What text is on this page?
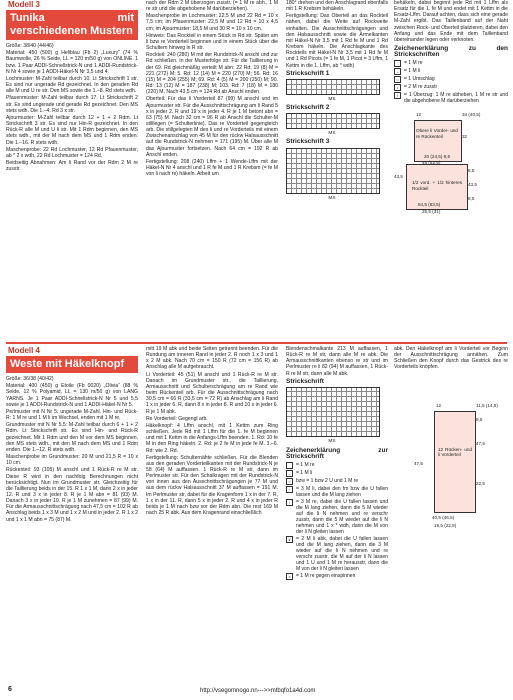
Modell 3
Tunika mit verschiedenen Mustern

Größe: 38/40 (44/46)

Material: 450 (500) g Heliblau (Fb 2) „Luxury“ (74 % Baumwolle, 26 % Seide, LL = 120 m/50 g) von ONLINE. 1 bzw. 1 Paar ADDI-Schnellstrick-N und 1 ADDI-Rundstrick-N Nr 4 sowie je 1 ADDI-Häkel-N Nr 3,5 und 4.

Lochmuster: M-Zahl teilbar durch 10. Lt Strickschrift 1 str. Es sind nur ungerade Rd gezeichnet. In den geraden Rd alle M und U re str. Den MS sowie die 1.–8. Rd stets wdh.

Pfauenmuster: M-Zahl teilbar durch 17. Lt Strickschrift 2 str. Es sind ungerade und gerade Rd gezeichnet. Den MS stets wdh. Die 1.–4. Rd 3 x str.

Ajourmuster: M-Zahl teilbar durch 12 + 1 + 2 Rdm. Lt Strickschrift 3 str. Es sind nur Hin-R gezeichnet. In den Rück-R alle M und U li str. Mit 1 Rdm beginnen, den MS stets wdh., mit der M nach dem MS und 1 Rdm enden. Die 1.–16. R stets wdh.

Maschenprobe: 22 Rd Lochmuster, 12 Rd Pfauenmuster, ab * 2 x wdh, 22 Rd Lochmuster = 124 Rd.

Beidseitig Abnahmen: Am li Rand vor der Rdm 2 M re zusstr.

nach der Rdm 2 M überzogen zusstr. (= 1 M re abh., 1 M re str und die abgehobene M darüberziehen).

Maschenprobe im Lochmuster: 22,5 M und 22 Rd = 10 x 7,5 cm; im Pfauenmuster: 22,5 M und 12 Rd = 10 x 4,5 cm; im Ajourmuster: 18,5 M und 30 R = 10 x 10 cm.

Hinweis: Das Rockteil in einem Stück in Rd str. Später am li bzw re Vorderteil beginnen und in einem Stück über die Schultern hinweg in R str.

Rockteil: 240 (280) M mit der Rundstrick-N anschl und zur Rd schließen. In der Musterfolge str. Für die Taillierung in der 69. Rd gleichmäßig verteilt M abn: 22 Rd: 19 (8) M = 221 (272) M; 5. Rd: 12 (14) M = 220 (270) M; 56. Rd: 16 (15) M = 204 (255) M; 69. Rd: 4 (5) M = 200 (250) M; 90. Rd: 13 (12) M = 187 (238) M; 103. Rd: 7 (18) M = 180 (220) M. Nach 43,5 cm = 124 Rd ab Anschl enden.

Oberteil: Für das li Vorderteil 87 (99) M anschl und im Ajourmuster str. Für die Ausschnittschrägung am li Rand 5 x in jeder 2. R und 19 x in jeder 4. R je 1 M betont abn = 63 (75) M. Nach 32 cm = 96 R ab Anschl die Schulter-M stilllegen (= Schulterlinie). Das re Vorderteil gegengleich arb. Die stillgelegten M des li und re Vorderteils mit einem Zwischenanschlag von 45 M für den rückw Halsausschnitt auf die Rundstrick-N nehmen = 171 (195) M. Über alle M das Ajourmuster fortsetzen. Nach 64 cm = 192 R ab Anschl enden.

Fertigstellung: 208 (240) Lffm + 1 Wende-Lffm mit der Häkel-N Nr 4 anschl und 1 R fe M und 1 R Krebsm (= fe M von li nach re) häkeln. Arbeit um

180° drehen und den Anschlagrand ebenfalls mit 1 R Krebsm behäkeln.

Fertigstellung: Das Oberteil an das Rockteil nähen, dabei die Weite auf Rockweite einhalten. Die Ausschnittschrägungen und den Halsausschnitt sowie die Ärmelkanten mit Häkel-N Nr 3,5 mit 1 Rd fe M und 1 Rd Krebsm häkeln. Die Anschlagkante des Rockteils mit Häkel-N Nr 3,5 mit 1 Rd fe M und 1 Rd Picots (= 1 fe M, 1 Picot = 3 Lffm, 1 Kettm in die 1. Lffm, ab * wdh)

Strickschrift 1
MS
Strickschrift 2
MS
Strickschrift 3
MS

behäkeln, dabei beginnt jede Rd mit 1 Lffm als Ersatz für die 1. fe M und endet mit 1 Kettm in die Ersatz-Lffm. Darauf achten, dass sich eine gerade M-Zahl ergibt. Das Taillenband auf der Naht zwischen Rock- und Oberteil platzieren, dabei den Anfang und das Ende mit dem Taillenband übereinander legen oder verknoten.

Zeichenerklärung zu den Strickschriften
= 1 M re
–	= 1 M li
○	= 1 Umschlag
/	= 2 M re zusstr
\	= 1 Überzug: 1 M re abheben, 1 M re str und die abgehobene M darüberziehen
12	34 (40,5)
Obere li Vorder- und re Rückenteil	32
20 (24,5) 8,5
46 (52,5)
43,5
8,5
1/2 vord. + 1/2 hinteres Rockteil
43,5
8,5
54,5 (63,5)
25,5 (31)
Modell 4
Weste mit Häkelknopf

Größe: 36/38 (40/42)

Material: 400 (450) g Etoile (Fb 0020) „Olivia“ (88 % Seide, 12 % Polyamid, LL = 130 m/50 g) von LANG YARNS. Je 1 Paar ADDI-Schnellstrick-N Nr 5 und 5,5 sowie je 1 ADDI-Rundstrick-N und 1 ADDI-Häkel-N Nr 5.

Perlmuster mit N Nr 5: ungerade M-Zahl. Hin- und Rück-R: 1 M re und 1 M li im Wechsel, enden mit 1 M re.

Grundmuster mit N Nr 5,5: M-Zahl teilbar durch 6 + 1 + 2 Rdm. Lt Strickschrift str. Es sind Hin- und Rück-R gezeichnet. Mit 1 Rdm und den M vor dem MS beginnen, den MS stets wdh., mit den M nach dem MS und 1 Rdm enden. Die 1.–12. R stets wdh.

Maschenprobe im Grundmuster: 20 M und 21,5 R = 10 x 10 cm.

Rückenteil: 93 (105) M anschl und 1 Rück-R re M str. Diese R wird in den nachfolg Berechnungen nicht berücksichtigt. Nun im Grundmuster str. Gleichzeitig für die Taillierung beids in der 15. R 1 x 1 M, dann 2 x in jeder 12. R und 3 x in jeder 8. R je 1 M abn = 81 (93) M. Danach 3 x in jeder 10. R je 1 M zunehmen = 87 (99) M. Für die Armausschnittschrägung nach 47,5 cm = 102 R ab Anschlag beids 1 x 3 M und 1 x 2 M und in jeder 2. R 1 x 2 und 1 x 1 M abn = 75 (87) M.

mitt 19 M abk und beide Seiten getrennt beenden. Für die Rundung am inneren Rand in jeder 2. R noch 1 x 3 und 1 x 2 M abk. Nach 70 cm = 150 R (72 cm = 156 R) ab Anschlag alle M aufgebraucht.

Li Vorderteil: 45 (51) M anschl und 1 Rück-R re M str. Danach im Grundmuster str., die Taillierung, Armausschnitt und Schulterschrägung am re Rand wie beim Rückenteil arb. Für die Ausschnittschrägung nach 30,5 cm = 66 R (33,5 cm = 72 R) ab Anschlag am li Rand 1 x in jeder 6. R, dann 8 x in jeder 8. R und 10 x in jeder 6. R je 1 M abk.

Re Vorderteil: Gegengl arb.

Häkelknopf: 4 Lffm anschl, mit 1 Kettm zum Ring schließen. Jede Rd mit 1 Lffm für die 1. fe M beginnen und mit 1 Kettm in die Anfangs-Lffm beenden. 1. Rd: 10 fe M in den Ring häkeln. 2. Rd: je 2 fe M in jede fe M. 3.–6. Rd: wie 2. Rd.

Fertigstellung: Schulternähte schließen. Für die Blenden aus den geraden Vorderteilkanten mit der Rundstrick-N je 58 (64) M auffassen. 1 Rück-R re M str, dann im Perlmuster str. Für den Schalkragen mit der Rundstrick-N von innen aus den Ausschnittschrägungen je 77 M und aus dem rückw Halsausschnitt 37 M auffassen = 191 M. Im Perlmuster str, dabei für die Kragenform 1 x in der 7. R, 1 x in der 11. R, dann 5 x in jeder 2. R und 4 x in jeder R beids je 1 M nach bzw vor der Rdm abn. Die rest 169 M nach 25 R abk. Aus dem Kragenrand einschließlich

Blendenschmalkante 213 M auffassen, 1 Rück-R re M str, dann alle M re abk. Die Armausschnittkanten ebenso re str und im Perlmuster re li 82 (94) M auffassen, 1 Rück-R re M str, dann alle M abk.

Strickschrift
MS
Zeichenerklärung zur Strickschrift
= 1 M re
–	= 1 M li
○	bzw = 1 bzw 2 U und 1 M re
◦	= 3 M li, dabei den fm bzw die U fallen lassen und die M lang ziehen
↓	= 3 M re, dabei die U fallen lassen und die M lang ziehen, dann die 5 M wieder auf die li N nehmen und re verschr zusstr, dann die 5 M wieder auf die li N nehmen und 1 x * wdh, dann die M von der li N gleiten lassen
∨	= 2 M li abk, dabei die U fallen lassen und die M lang ziehen, dann die 3 M wieder auf die li N nehmen und re verschr zusstr, die M auf der li N lassen und 1 U und 1 M re herausstr, dann die M von der li N gleiten lassen
×	= 1 M re gegen einspinnen

abk. Den Häkelknopf am li Vorderteil vor Beginn der Ausschnittschrägung annähen. Zum Schließen den Knopf durch das Gestrick des re Vorderteils knöpfen.

12	11,5 (14,5)
9,5
47,5
47,5
12 Rücken- und li Vorderteil
22,5
40,5 (46,5)
19,5 (22,5)
6	http://vsegomnogo.nn--->>mtbqfo1a4d.com
